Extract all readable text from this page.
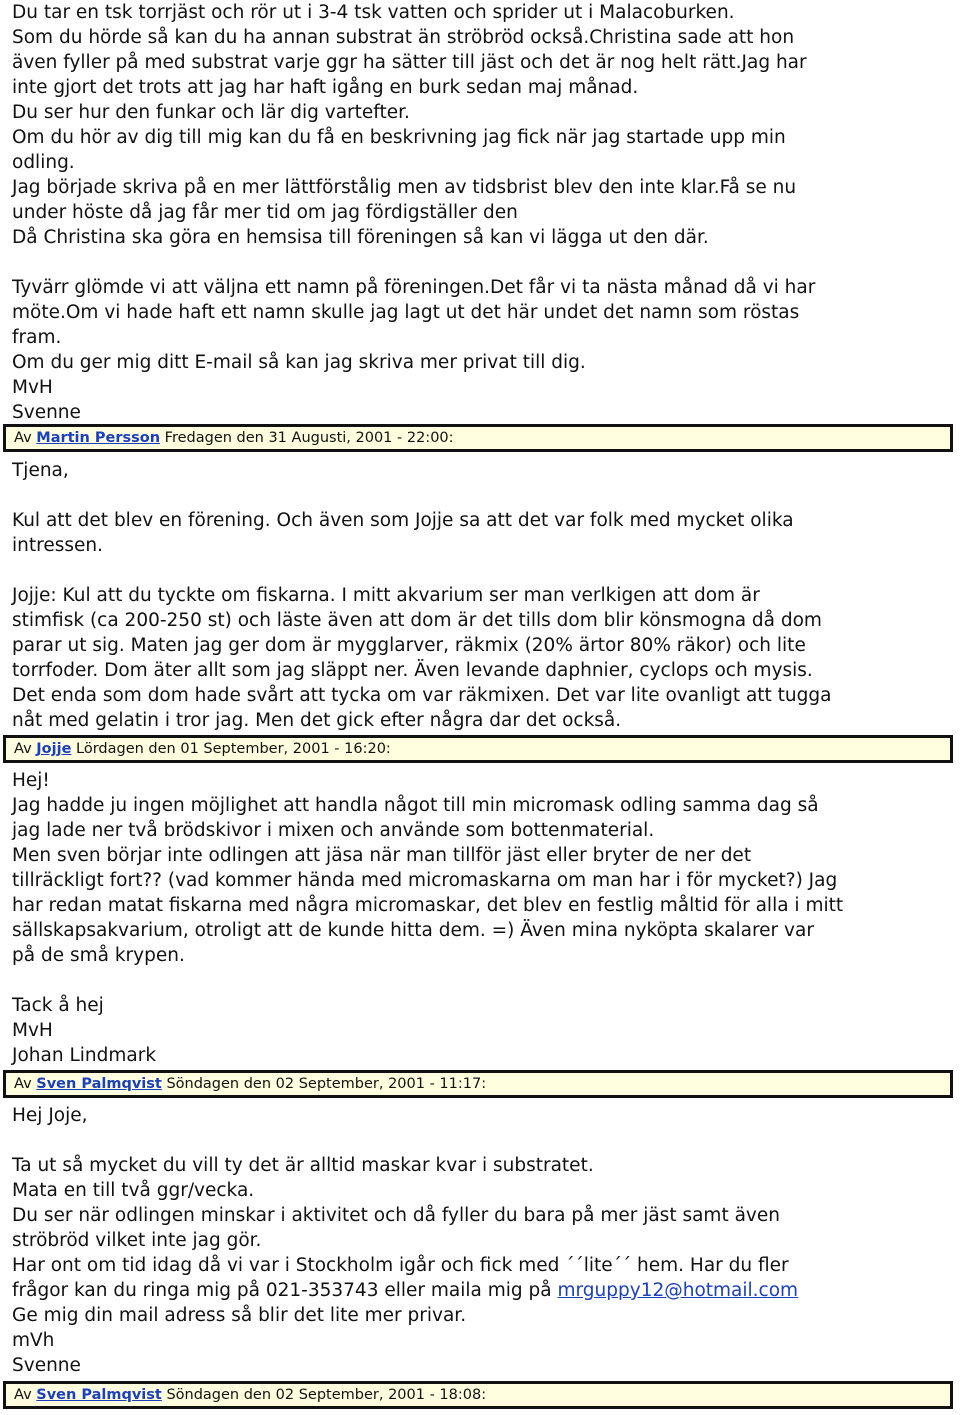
Du tar en tsk torrjäst och rör ut i 3-4 tsk vatten och sprider ut i Malacoburken.

Som du hörde så kan du ha annan substrat än ströbröd också.Christina sade att hon

även fyller på med substrat varje ggr ha sätter till jäst och det är nog helt rätt.Jag har

inte gjort det trots att jag har haft igång en burk sedan maj månad.

Du ser hur den funkar och lär dig vartefter.

Om du hör av dig till mig kan du få en beskrivning jag fick när jag startade upp min

odling.

Jag började skriva på en mer lättförstålig men av tidsbrist blev den inte klar.Få se nu

under höste då jag får mer tid om jag fördigställer den

Då Christina ska göra en hemsisa till föreningen så kan vi lägga ut den där.

Tyvärr glömde vi att väljna ett namn på föreningen.Det får vi ta nästa månad då vi har

möte.Om vi hade haft ett namn skulle jag lagt ut det här undet det namn som röstas

fram.

Om du ger mig ditt E-mail så kan jag skriva mer privat till dig.

MvH

Svenne

Av Martin Persson Fredagen den 31 Augusti, 2001 - 22:00:

Tjena,

Kul att det blev en förening. Och även som Jojje sa att det var folk med mycket olika

intressen.

Jojje: Kul att du tyckte om fiskarna. I mitt akvarium ser man verlkigen att dom är

stimfisk (ca 200-250 st) och läste även att dom är det tills dom blir könsmogna då dom

parar ut sig. Maten jag ger dom är mygglarver, räkmix (20% ärtor 80% räkor) och lite

torrfoder. Dom äter allt som jag släppt ner. Även levande daphnier, cyclops och mysis.

Det enda som dom hade svårt att tycka om var räkmixen. Det var lite ovanligt att tugga

nåt med gelatin i tror jag. Men det gick efter några dar det också.

Av Jojje Lördagen den 01 September, 2001 - 16:20:

Hej!

Jag hadde ju ingen möjlighet att handla något till min micromask odling samma dag så

jag lade ner två brödskivor i mixen och använde som bottenmaterial.

Men sven börjar inte odlingen att jäsa när man tillför jäst eller bryter de ner det

tillräckligt fort?? (vad kommer hända med micromaskarna om man har i för mycket?) Jag

har redan matat fiskarna med några micromaskar, det blev en festlig måltid för alla i mitt

sällskapsakvarium, otroligt att de kunde hitta dem. =) Även mina nyköpta skalarer var

på de små krypen.

Tack å hej

MvH

Johan Lindmark

Av Sven Palmqvist Söndagen den 02 September, 2001 - 11:17:

Hej Joje,

Ta ut så mycket du vill ty det är alltid maskar kvar i substratet.

Mata en till två ggr/vecka.

Du ser när odlingen minskar i aktivitet och då fyller du bara på mer jäst samt även

ströbröd vilket inte jag gör.

Har ont om tid idag då vi var i Stockholm igår och fick med ´´lite´´ hem. Har du fler

frågor kan du ringa mig på 021-353743 eller maila mig på mrguppy12@hotmail.com

Ge mig din mail adress så blir det lite mer privar.

mVh

Svenne

Av Sven Palmqvist Söndagen den 02 September, 2001 - 18:08:
